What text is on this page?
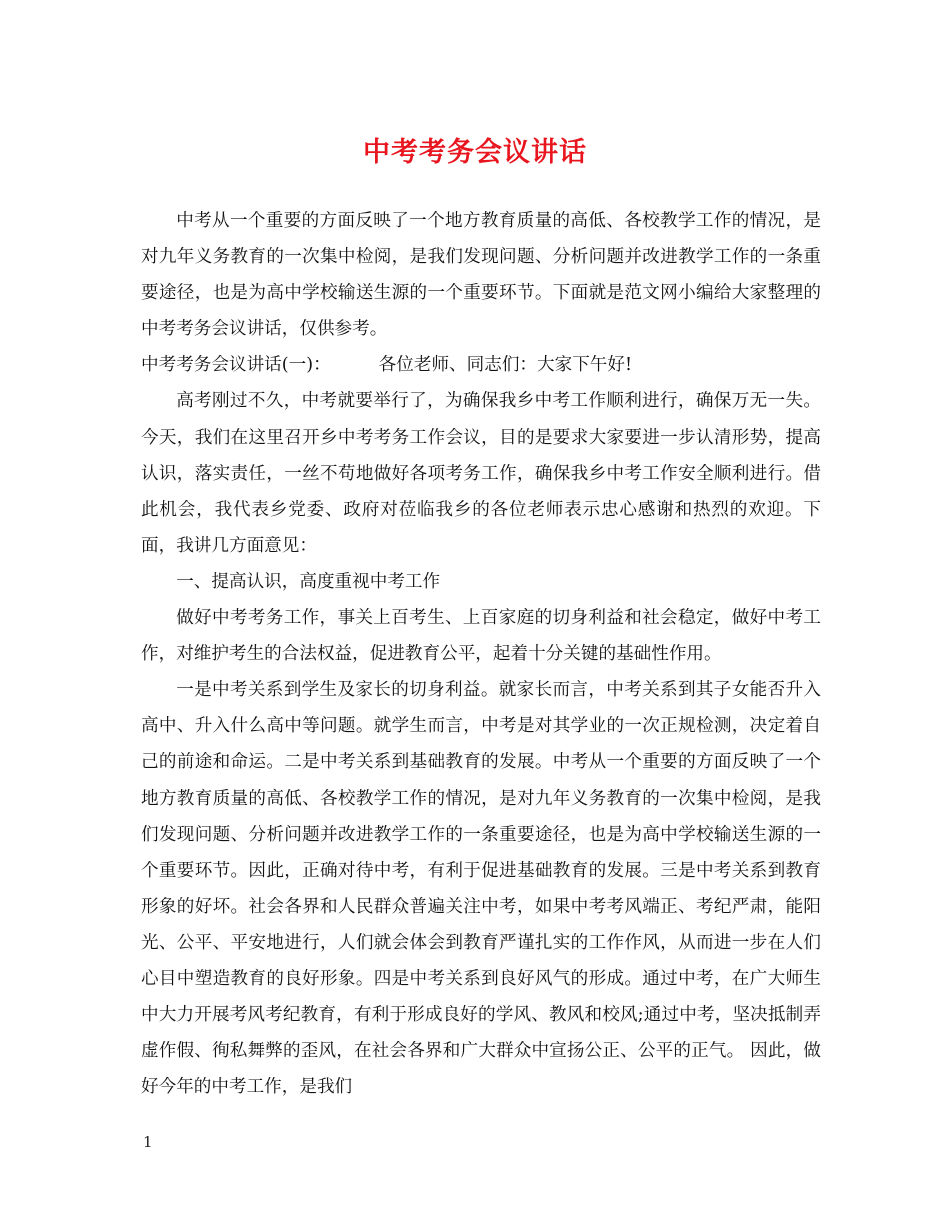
中考考务会议讲话

中考从一个重要的方面反映了一个地方教育质量的高低、各校教学工作的情况，是对九年义务教育的一次集中检阅，是我们发现问题、分析问题并改进教学工作的一条重要途径，也是为高中学校输送生源的一个重要环节。下面就是范文网小编给大家整理的中考考务会议讲话，仅供参考。

中考考务会议讲话(一)：	各位老师、同志们：大家下午好!

高考刚过不久，中考就要举行了，为确保我乡中考工作顺利进行，确保万无一失。今天，我们在这里召开乡中考考务工作会议，目的是要求大家要进一步认清形势，提高认识，落实责任，一丝不苟地做好各项考务工作，确保我乡中考工作安全顺利进行。借此机会，我代表乡党委、政府对莅临我乡的各位老师表示忠心感谢和热烈的欢迎。下面，我讲几方面意见：

一、提高认识，高度重视中考工作

做好中考考务工作，事关上百考生、上百家庭的切身利益和社会稳定，做好中考工作，对维护考生的合法权益，促进教育公平，起着十分关键的基础性作用。

一是中考关系到学生及家长的切身利益。就家长而言，中考关系到其子女能否升入高中、升入什么高中等问题。就学生而言，中考是对其学业的一次正规检测，决定着自己的前途和命运。二是中考关系到基础教育的发展。中考从一个重要的方面反映了一个地方教育质量的高低、各校教学工作的情况，是对九年义务教育的一次集中检阅，是我们发现问题、分析问题并改进教学工作的一条重要途径，也是为高中学校输送生源的一个重要环节。因此，正确对待中考，有利于促进基础教育的发展。三是中考关系到教育形象的好坏。社会各界和人民群众普遍关注中考，如果中考考风端正、考纪严肃，能阳光、公平、平安地进行，人们就会体会到教育严谨扎实的工作作风，从而进一步在人们心目中塑造教育的良好形象。四是中考关系到良好风气的形成。通过中考，在广大师生中大力开展考风考纪教育，有利于形成良好的学风、教风和校风;通过中考，坚决抵制弄虚作假、徇私舞弊的歪风，在社会各界和广大群众中宣扬公正、公平的正气。 因此，做好今年的中考工作，是我们

1
